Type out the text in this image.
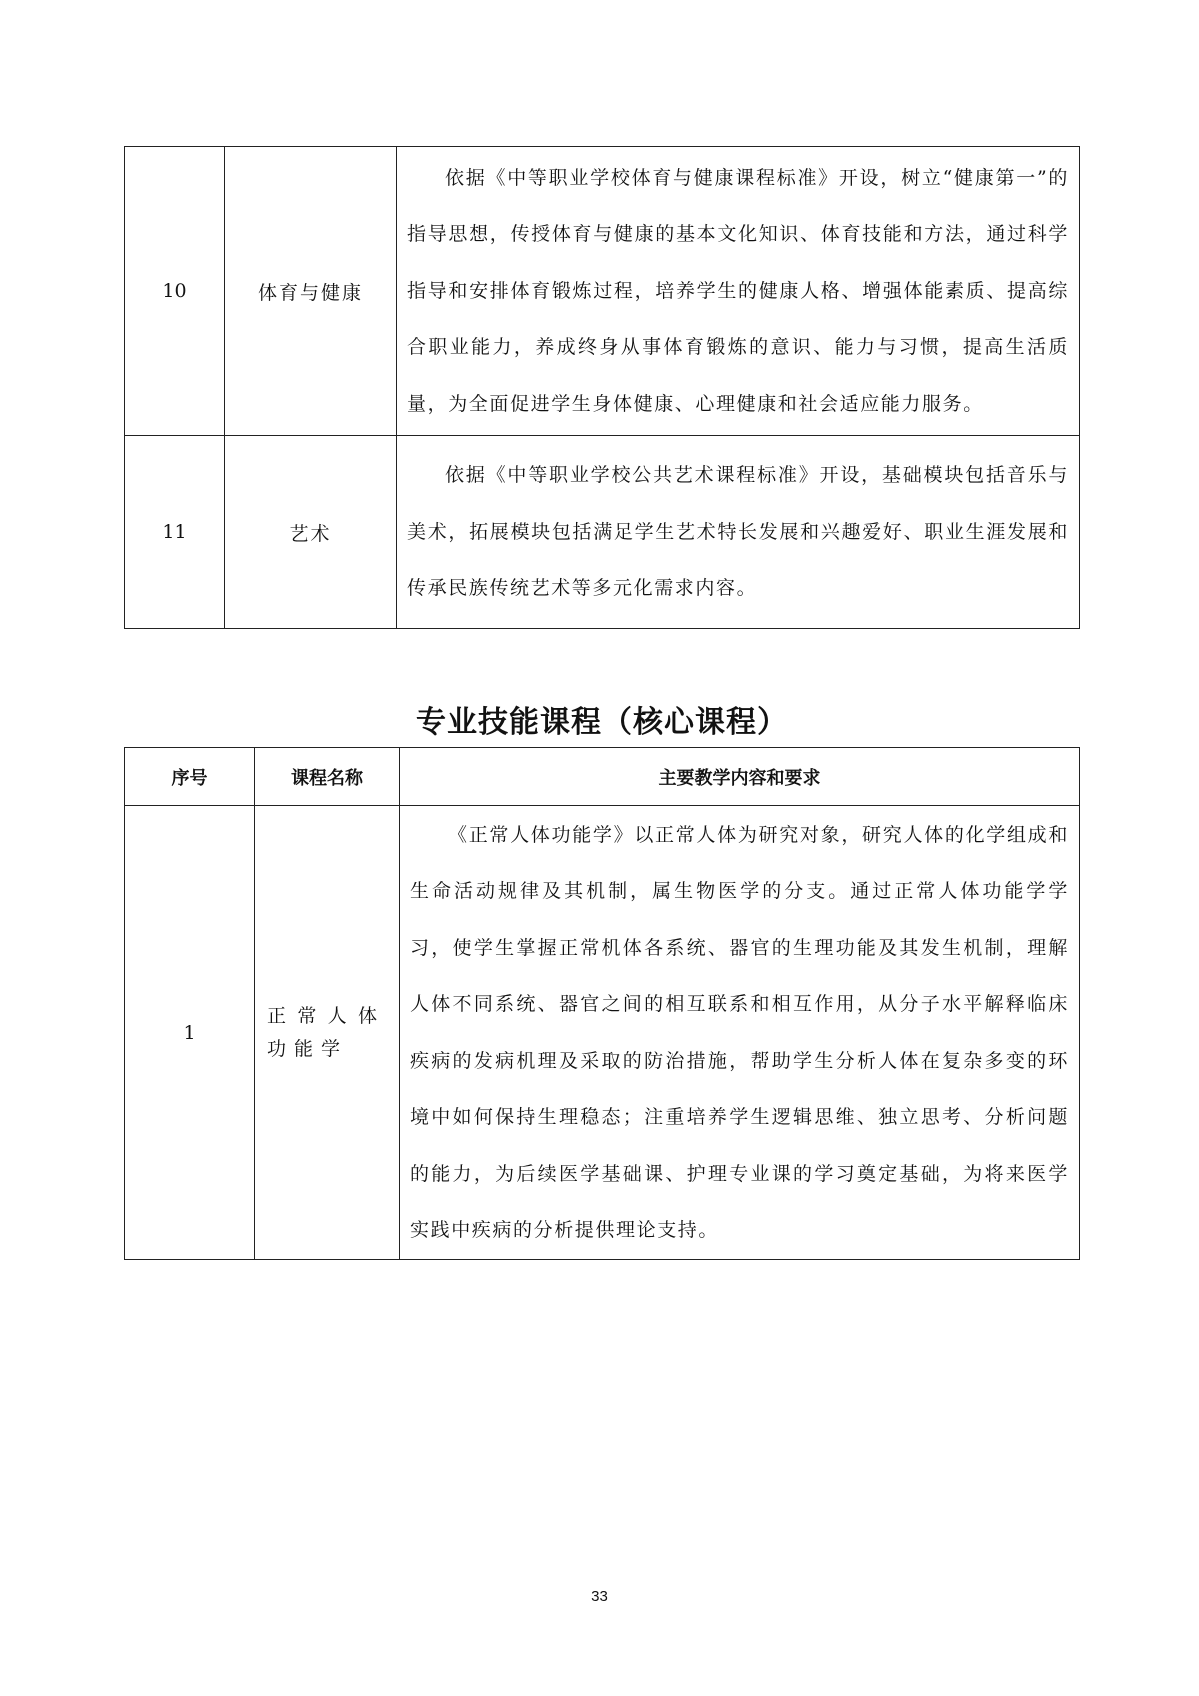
10	体育与健康	依据《中等职业学校体育与健康课程标准》开设，树立“健康第一”的指导思想，传授体育与健康的基本文化知识、体育技能和方法，通过科学指导和安排体育锻炼过程，培养学生的健康人格、增强体能素质、提高综合职业能力，养成终身从事体育锻炼的意识、能力与习惯，提高生活质量，为全面促进学生身体健康、心理健康和社会适应能力服务。

11	艺术	依据《中等职业学校公共艺术课程标准》开设，基础模块包括音乐与美术，拓展模块包括满足学生艺术特长发展和兴趣爱好、职业生涯发展和传承民族传统艺术等多元化需求内容。

专业技能课程（核心课程）
序号	课程名称	主要教学内容和要求
1	正常人体功能学	《正常人体功能学》以正常人体为研究对象，研究人体的化学组成和生命活动规律及其机制，属生物医学的分支。通过正常人体功能学学习，使学生掌握正常机体各系统、器官的生理功能及其发生机制，理解人体不同系统、器官之间的相互联系和相互作用，从分子水平解释临床疾病的发病机理及采取的防治措施，帮助学生分析人体在复杂多变的环境中如何保持生理稳态；注重培养学生逻辑思维、独立思考、分析问题的能力，为后续医学基础课、护理专业课的学习奠定基础，为将来医学实践中疾病的分析提供理论支持。

33
